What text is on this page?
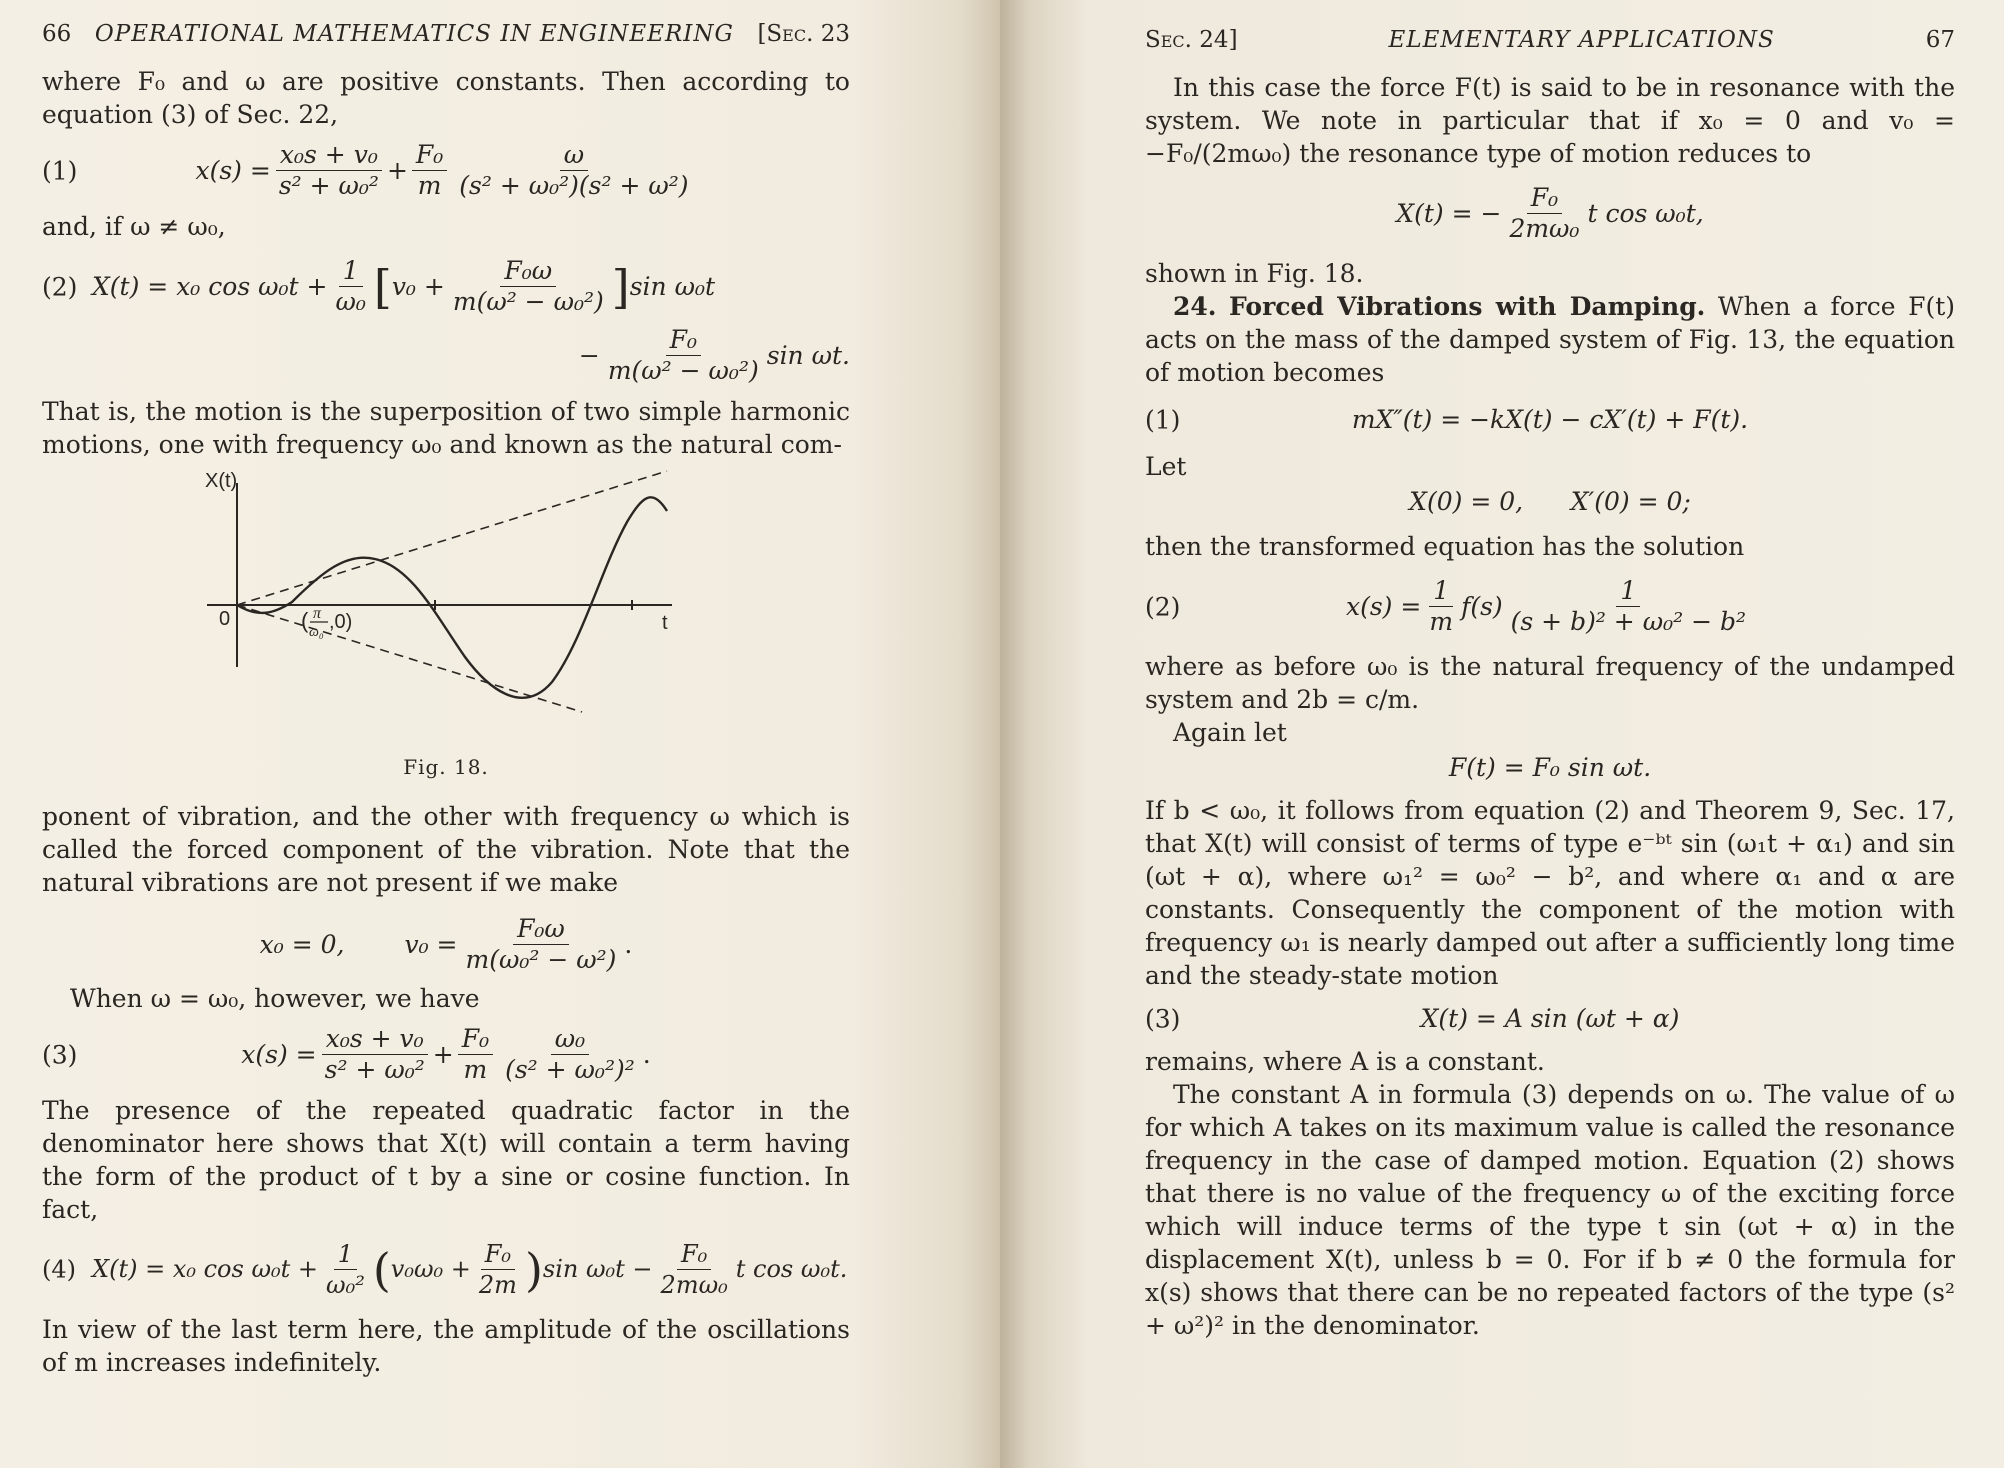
66 OPERATIONAL MATHEMATICS IN ENGINEERING [Sec. 23

where F₀ and ω are positive constants. Then according to equation (3) of Sec. 22,

(1)	$x(s) = \frac{\text{x₀s + v₀}}{\text{s² + ω₀²}} + \frac{\text{F₀}}{m} \frac{\omega}{\text{(s² + ω₀²)(s² + ω²)}}$

and, if ω ≠ ω₀,

(2) X(t) = x₀ $\cos \omega_0t + \frac{1}{\text{ω₀}}$ [ $v_0 + \frac{\text{F₀ω}}{\text{m(ω² − ω₀²)}}$ ] sin ω₀t
− $\frac{\text{F₀}}{\text{m(ω² − ω₀²)}}$ sin ωt.

That is, the motion is the superposition of two simple harmonic motions, one with frequency ω₀ and known as the natural com-

X(t)
0	t
( π
ω₀ ,0)
Fig. 18.

ponent of vibration, and the other with frequency ω which is called the forced component of the vibration. Note that the natural vibrations are not present if we make

x₀ = 0, $v_0 = \frac{\text{F₀ω}}{\text{m(ω₀² − ω²)}}$ .

When ω = ω₀, however, we have

(3)	$x(s) = \frac{\text{x₀s + v₀}}{\text{s² + ω₀²}} + \frac{\text{F₀}}{m} \frac{\text{ω₀}}{\text{(s² + ω₀²)²}}$ .

The presence of the repeated quadratic factor in the denominator here shows that X(t) will contain a term having the form of the product of t by a sine or cosine function. In fact,

(4) X(t) = x₀ $\cos \omega_0t + \frac{1}{\text{ω₀²}}$ ( $v_0\omega_0 + \frac{\text{F₀}}{2m}$ ) $\sin \omega_0t - \frac{\text{F₀}}{\text{2mω₀}}$ t cos ω₀t.

In view of the last term here, the amplitude of the oscillations of m increases indefinitely.

Sec. 24]	ELEMENTARY APPLICATIONS	67

In this case the force F(t) is said to be in resonance with the system. We note in particular that if x₀ = 0 and v₀ = −F₀/(2mω₀) the resonance type of motion reduces to

X(t) = − $\frac{\text{F₀}}{\text{2mω₀}}$ t cos ω₀t,

shown in Fig. 18.

24. Forced Vibrations with Damping. When a force F(t) acts on the mass of the damped system of Fig. 13, the equation of motion becomes

(1)	mX″(t) = −kX(t) − cX′(t) + F(t).

Let

X(0) = 0,      X′(0) = 0;

then the transformed equation has the solution

(2)	$x(s) = \frac{1}{m} f(s) \frac{1}{\text{(s + b)² + ω₀² − b²}}$

where as before ω₀ is the natural frequency of the undamped system and 2b = c/m.

Again let

F(t) = F₀ sin ωt.

If b < ω₀, it follows from equation (2) and Theorem 9, Sec. 17, that X(t) will consist of terms of type e⁻ᵇᵗ sin (ω₁t + α₁) and sin (ωt + α), where ω₁² = ω₀² − b², and where α₁ and α are constants. Consequently the component of the motion with frequency ω₁ is nearly damped out after a sufficiently long time and the steady-state motion

(3)	X(t) = A sin (ωt + α)

remains, where A is a constant.

The constant A in formula (3) depends on ω. The value of ω for which A takes on its maximum value is called the resonance frequency in the case of damped motion. Equation (2) shows that there is no value of the frequency ω of the exciting force which will induce terms of the type t sin (ωt + α) in the displacement X(t), unless b = 0. For if b ≠ 0 the formula for x(s) shows that there can be no repeated factors of the type (s² + ω²)² in the denominator.
